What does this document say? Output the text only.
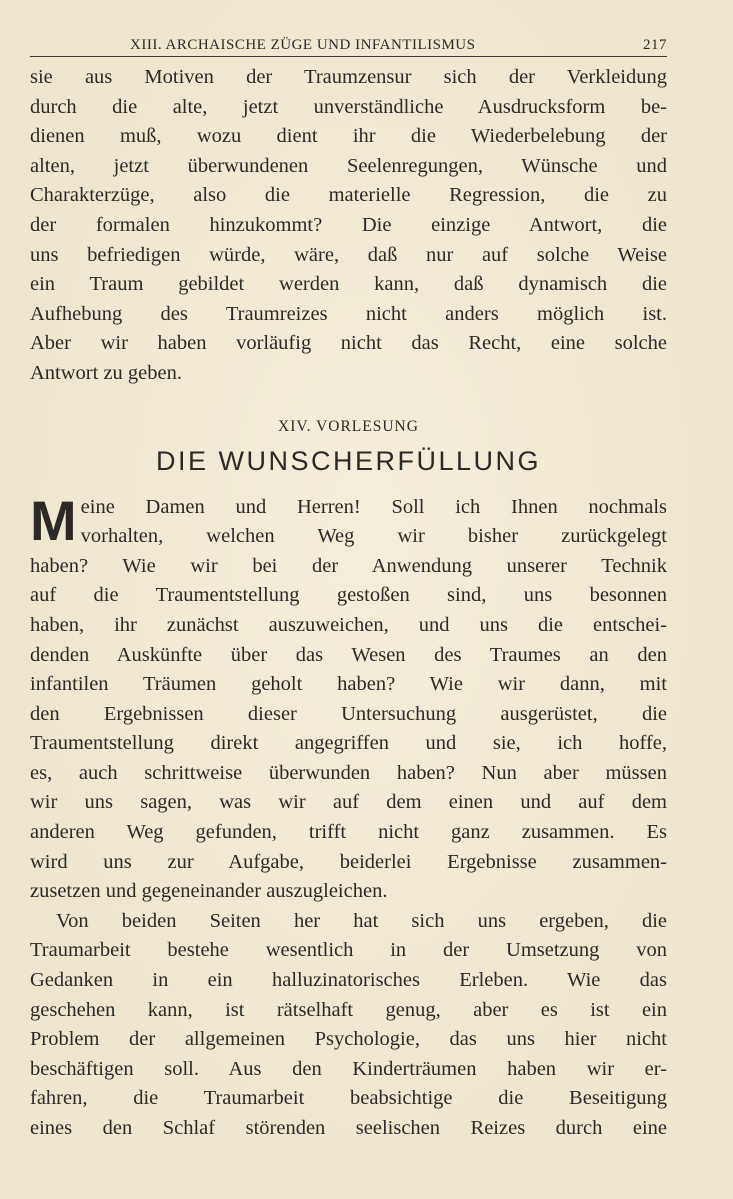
XIII. ARCHAISCHE ZÜGE UND INFANTILISMUS	217
sie aus Motiven der Traumzensur sich der Verkleidung
durch die alte, jetzt unverständliche Ausdrucksform be-
dienen muß, wozu dient ihr die Wiederbelebung der
alten, jetzt überwundenen Seelenregungen, Wünsche und
Charakterzüge, also die materielle Regression, die zu
der formalen hinzukommt? Die einzige Antwort, die
uns befriedigen würde, wäre, daß nur auf solche Weise
ein Traum gebildet werden kann, daß dynamisch die
Aufhebung des Traumreizes nicht anders möglich ist.
Aber wir haben vorläufig nicht das Recht, eine solche
Antwort zu geben.
XIV. VORLESUNG
DIE WUNSCHERFÜLLUNG
M eine Damen und Herren! Soll ich Ihnen nochmals
vorhalten, welchen Weg wir bisher zurückgelegt
haben? Wie wir bei der Anwendung unserer Technik
auf die Traumentstellung gestoßen sind, uns besonnen
haben, ihr zunächst auszuweichen, und uns die entschei-
denden Auskünfte über das Wesen des Traumes an den
infantilen Träumen geholt haben? Wie wir dann, mit
den Ergebnissen dieser Untersuchung ausgerüstet, die
Traumentstellung direkt angegriffen und sie, ich hoffe,
es, auch schrittweise überwunden haben? Nun aber müssen
wir uns sagen, was wir auf dem einen und auf dem
anderen Weg gefunden, trifft nicht ganz zusammen. Es
wird uns zur Aufgabe, beiderlei Ergebnisse zusammen-
zusetzen und gegeneinander auszugleichen.
Von beiden Seiten her hat sich uns ergeben, die
Traumarbeit bestehe wesentlich in der Umsetzung von
Gedanken in ein halluzinatorisches Erleben. Wie das
geschehen kann, ist rätselhaft genug, aber es ist ein
Problem der allgemeinen Psychologie, das uns hier nicht
beschäftigen soll. Aus den Kinderträumen haben wir er-
fahren, die Traumarbeit beabsichtige die Beseitigung
eines den Schlaf störenden seelischen Reizes durch eine
